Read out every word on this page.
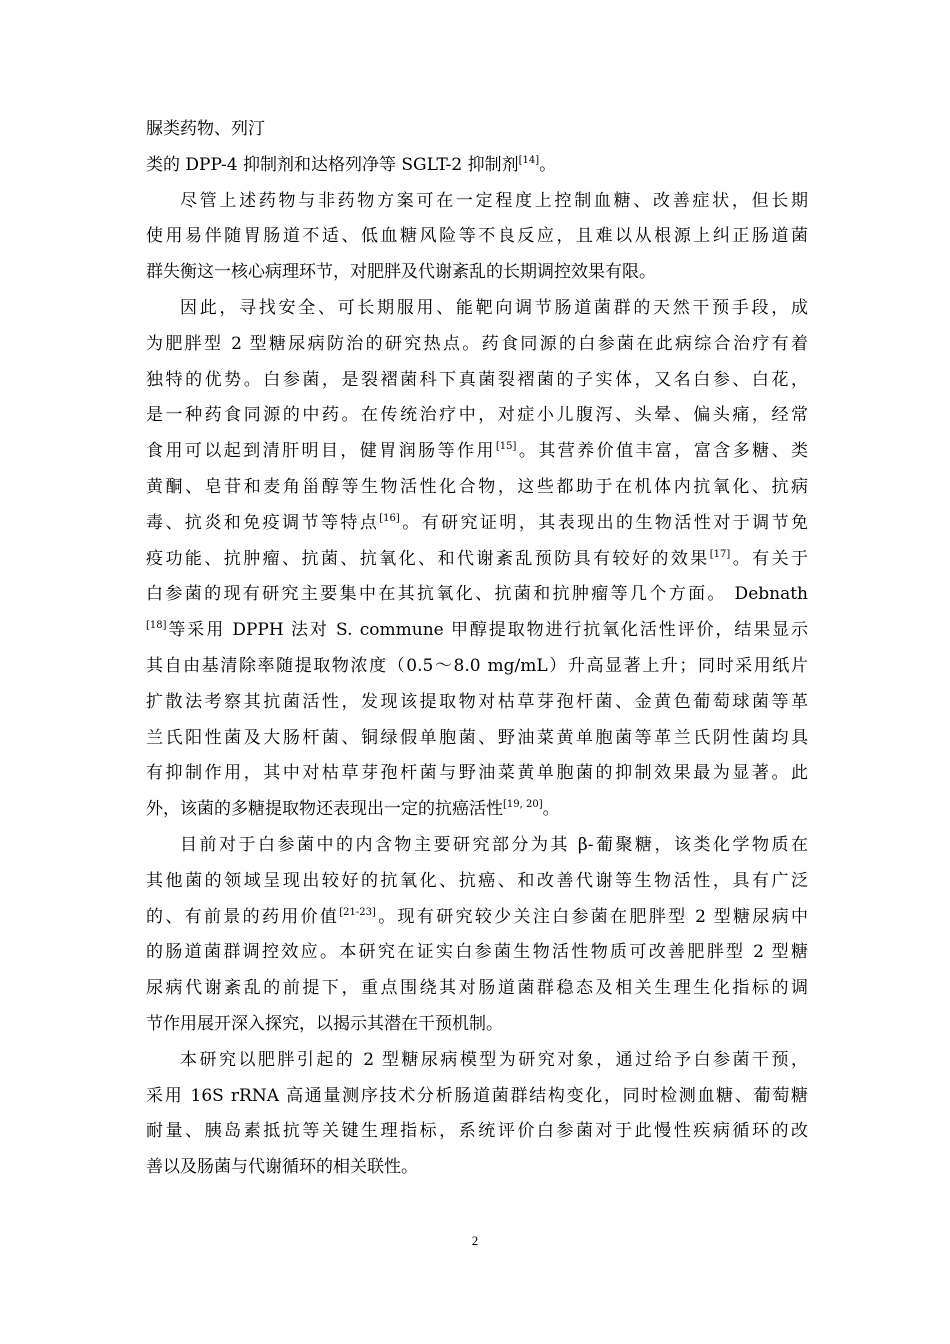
脲类药物、列汀
类的 DPP-4 抑制剂和达格列净等 SGLT-2 抑制剂[14]。
尽管上述药物与非药物方案可在一定程度上控制血糖、改善症状，但长期
使用易伴随胃肠道不适、低血糖风险等不良反应，且难以从根源上纠正肠道菌
群失衡这一核心病理环节，对肥胖及代谢紊乱的长期调控效果有限。
因此，寻找安全、可长期服用、能靶向调节肠道菌群的天然干预手段，成
为肥胖型 2 型糖尿病防治的研究热点。药食同源的白参菌在此病综合治疗有着
独特的优势。白参菌，是裂褶菌科下真菌裂褶菌的子实体，又名白参、白花，
是一种药食同源的中药。在传统治疗中，对症小儿腹泻、头晕、偏头痛，经常
食用可以起到清肝明目，健胃润肠等作用[15]。其营养价值丰富，富含多糖、类
黄酮、皂苷和麦角甾醇等生物活性化合物，这些都助于在机体内抗氧化、抗病
毒、抗炎和免疫调节等特点[16]。有研究证明，其表现出的生物活性对于调节免
疫功能、抗肿瘤、抗菌、抗氧化、和代谢紊乱预防具有较好的效果[17]。有关于
白参菌的现有研究主要集中在其抗氧化、抗菌和抗肿瘤等几个方面。 Debnath
[18]等采用 DPPH 法对 S. commune 甲醇提取物进行抗氧化活性评价，结果显示
其自由基清除率随提取物浓度（0.5～8.0 mg/mL）升高显著上升；同时采用纸片
扩散法考察其抗菌活性，发现该提取物对枯草芽孢杆菌、金黄色葡萄球菌等革
兰氏阳性菌及大肠杆菌、铜绿假单胞菌、野油菜黄单胞菌等革兰氏阴性菌均具
有抑制作用，其中对枯草芽孢杆菌与野油菜黄单胞菌的抑制效果最为显著。此
外，该菌的多糖提取物还表现出一定的抗癌活性[19, 20]。
目前对于白参菌中的内含物主要研究部分为其 β-葡聚糖，该类化学物质在
其他菌的领域呈现出较好的抗氧化、抗癌、和改善代谢等生物活性，具有广泛
的、有前景的药用价值[21-23]。现有研究较少关注白参菌在肥胖型 2 型糖尿病中
的肠道菌群调控效应。本研究在证实白参菌生物活性物质可改善肥胖型 2 型糖
尿病代谢紊乱的前提下，重点围绕其对肠道菌群稳态及相关生理生化指标的调
节作用展开深入探究，以揭示其潜在干预机制。
本研究以肥胖引起的 2 型糖尿病模型为研究对象，通过给予白参菌干预，
采用 16S rRNA 高通量测序技术分析肠道菌群结构变化，同时检测血糖、葡萄糖
耐量、胰岛素抵抗等关键生理指标，系统评价白参菌对于此慢性疾病循环的改
善以及肠菌与代谢循环的相关联性。
2
